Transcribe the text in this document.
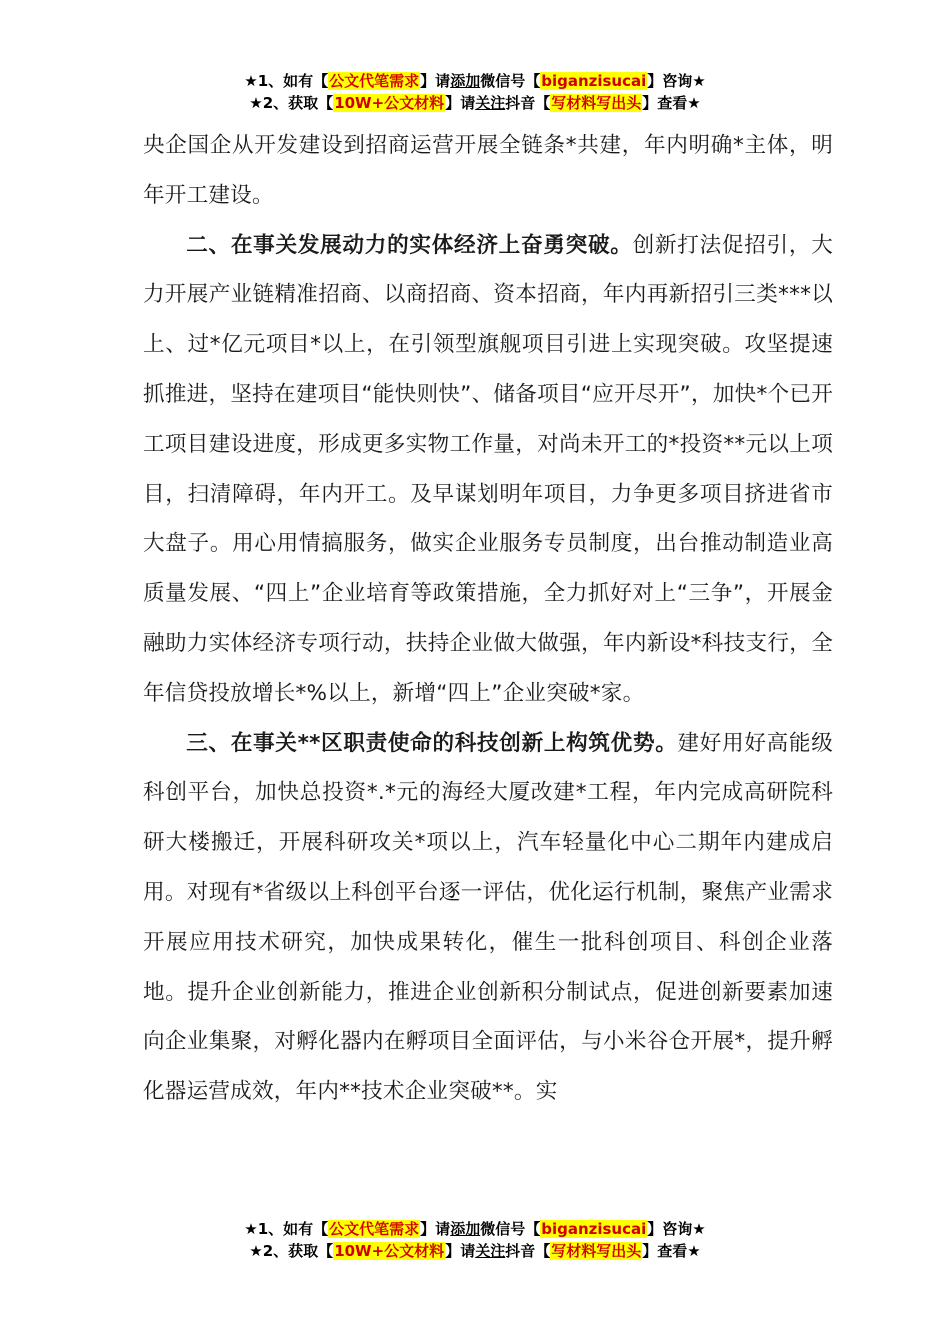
★1、如有【公文代笔需求】请添加微信号【biganzisucai】咨询★
★2、获取【10W+公文材料】请关注抖音【写材料写出头】查看★

央企国企从开发建设到招商运营开展全链条*共建，年内明确*主体，明年开工建设。

二、在事关发展动力的实体经济上奋勇突破。创新打法促招引，大力开展产业链精准招商、以商招商、资本招商，年内再新招引三类***以上、过*亿元项目*以上，在引领型旗舰项目引进上实现突破。攻坚提速抓推进，坚持在建项目“能快则快”、储备项目“应开尽开”，加快*个已开工项目建设进度，形成更多实物工作量，对尚未开工的*投资**元以上项目，扫清障碍，年内开工。及早谋划明年项目，力争更多项目挤进省市大盘子。用心用情搞服务，做实企业服务专员制度，出台推动制造业高质量发展、“四上”企业培育等政策措施，全力抓好对上“三争”，开展金融助力实体经济专项行动，扶持企业做大做强，年内新设*科技支行，全年信贷投放增长*%以上，新增“四上”企业突破*家。

三、在事关**区职责使命的科技创新上构筑优势。建好用好高能级科创平台，加快总投资*.*元的海经大厦改建*工程，年内完成高研院科研大楼搬迁，开展科研攻关*项以上，汽车轻量化中心二期年内建成启用。对现有*省级以上科创平台逐一评估，优化运行机制，聚焦产业需求开展应用技术研究，加快成果转化，催生一批科创项目、科创企业落地。提升企业创新能力，推进企业创新积分制试点，促进创新要素加速向企业集聚，对孵化器内在孵项目全面评估，与小米谷仓开展*，提升孵化器运营成效，年内**技术企业突破**。实

★1、如有【公文代笔需求】请添加微信号【biganzisucai】咨询★
★2、获取【10W+公文材料】请关注抖音【写材料写出头】查看★
